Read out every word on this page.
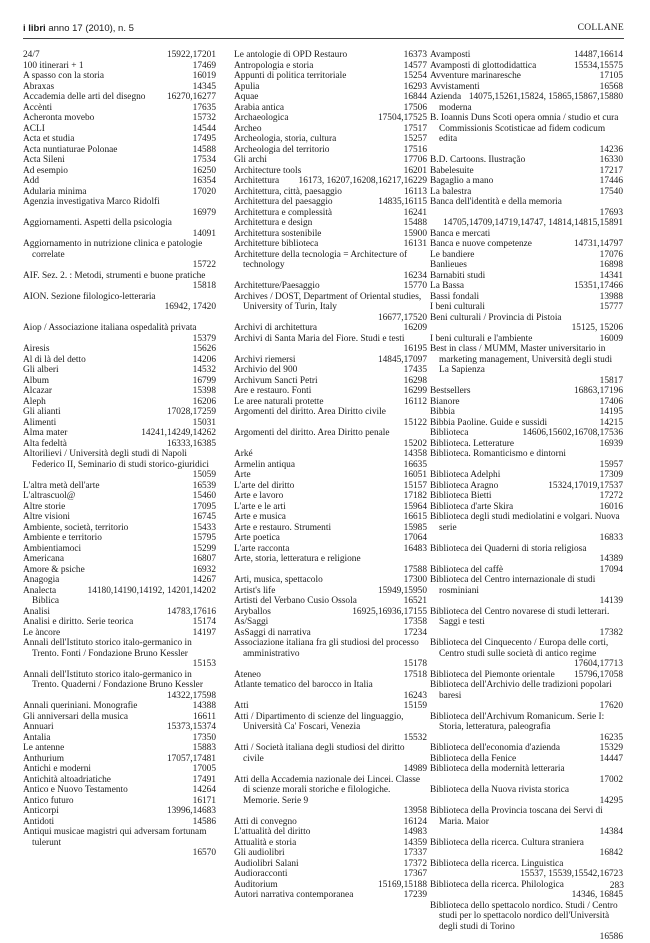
i libri anno 17 (2010), n. 5	COLLANE
15922,17201
24/7
17469
100 itinerari + 1
16019
A spasso con la storia
14345
Abraxas
16270,16277
Accademia delle arti del disegno
17635
Accènti
15732
Acheronta movebo
14544
ACLI
17495
Acta et studia
14588
Acta nuntiaturae Polonae
17534
Acta Sileni
16250
Ad esempio
16354
Add
17020
Adularia minima
Agenzia investigativa Marco Ridolfi
16979
Aggiornamenti. Aspetti della psicologia
14091
Aggiornamento in nutrizione clinica e patologie correlate
15722
AIF. Sez. 2. : Metodi, strumenti e buone pratiche
15818
AION. Sezione filologico-letteraria
16942, 17420
Aiop / Associazione italiana ospedalità privata
15379
15626
Airesis
14206
Al di là del detto
14532
Gli alberi
16799
Album
15398
Alcazar
16206
Aleph
17028,17259
Gli alianti
15031
Alimenti
14241,14249,14262
Alma mater
16333,16385
Alta fedeltà
Altorilievi / Università degli studi di Napoli Federico II, Seminario di studi storico-giuridici
15059
16539
L'altra metà dell'arte
15460
L'altrascuol@
17095
Altre storie
16745
Altre visioni
15433
Ambiente, società, territorio
15795
Ambiente e territorio
15299
Ambientiamoci
16807
Americana
16932
Amore & psiche
14267
Anagogia
14180,14190,14192, 14201,14202
Analecta Biblica
14783,17616
Analisi
15174
Analisi e diritto. Serie teorica
14197
Le àncore
Annali dell'Istituto storico italo-germanico in Trento. Fonti / Fondazione Bruno Kessler
15153
Annali dell'Istituto storico italo-germanico in Trento. Quaderni / Fondazione Bruno Kessler
14322,17598
14388
Annali queriniani. Monografie
16611
Gli anniversari della musica
15373,15374
Annuari
17350
Antalia
15883
Le antenne
17057,17481
Anthurium
17005
Antichi e moderni
17491
Antichità altoadriatiche
14264
Antico e Nuovo Testamento
16171
Antico futuro
13996,14683
Anticorpi
14586
Antidoti
Antiqui musicae magistri qui adversam fortunam tulerunt
16570
16373
Le antologie di OPD Restauro
14577
Antropologia e storia
15254
Appunti di politica territoriale
16293
Apulia
16844
Aquae
17506
Arabia antica
17504,17525
Archaeologica
17517
Archeo
15257
Archeologia, storia, cultura
17516
Archeologia del territorio
17706
Gli archi
16201
Architecture tools
16173, 16207,16208,16217,16229
Architettura
16113
Architettura, città, paesaggio
14835,16115
Architettura del paesaggio
16241
Architettura e complessità
15488
Architettura e design
15900
Architettura sostenibile
16131
Architetture biblioteca
Architetture della tecnologia = Architecture of technology
16234
15770
Architetture/Paesaggio
Archives / DOST, Department of Oriental studies, University of Turin, Italy
16677,17520
16209
Archivi di architettura
Archivi di Santa Maria del Fiore. Studi e testi
16195
14845,17097
Archivi riemersi
17435
Archivio del 900
16298
Archivum Sancti Petri
16299
Are e restauro. Fonti
16112
Le aree naturali protette
Argomenti del diritto. Area Diritto civile
15122
Argomenti del diritto. Area Diritto penale
15202
14358
Arké
16635
Armelin antiqua
16051
Arte
15157
L'arte del diritto
17182
Arte e lavoro
15964
L'arte e le arti
16615
Arte e musica
15985
Arte e restauro. Strumenti
17064
Arte poetica
16483
L'arte racconta
Arte, storia, letteratura e religione
17588
17300
Arti, musica, spettacolo
15949,15950
Artist's life
16521
Artisti del Verbano Cusio Ossola
16925,16936,17155
Aryballos
17358
As/Saggi
17234
AsSaggi di narrativa
Associazione italiana fra gli studiosi del processo amministrativo
15178
17518
Ateneo
Atlante tematico del barocco in Italia
16243
15159
Atti
Atti / Dipartimento di scienze del linguaggio, Università Ca' Foscari, Venezia
15532
Atti / Società italiana degli studiosi del diritto civile
14989
Atti della Accademia nazionale dei Lincei. Classe di scienze morali storiche e filologiche. Memorie. Serie 9
13958
16124
Atti di convegno
14983
L'attualità del diritto
14359
Attualità e storia
17337
Gli audiolibri
17372
Audiolibri Salani
17367
Audioracconti
15169,15188
Auditorium
17239
Autori narrativa contemporanea
14487,16614
Avamposti
15534,15575
Avamposti di glottodidattica
17105
Avventure marinaresche
16568
Avvistamenti
14075,15261,15824, 15865,15867,15880
Azienda moderna
B. Ioannis Duns Scoti opera omnia / studio et cura Commissionis Scotisticae ad fidem codicum edita
14236
16330
B.D. Cartoons. Ilustração
17217
Babelesuite
17446
Bagaglio a mano
17540
La balestra
Banca dell'identità e della memoria
17693
14705,14709,14719,14747, 14814,14815,15891
Banca e mercati
14731,14797
Banca e nuove competenze
17076
Le bandiere
16898
Banlieues
14341
Barnabiti studi
15351,17466
La Bassa
13988
Bassi fondali
15777
I beni culturali
Beni culturali / Provincia di Pistoia
15125, 15206
16009
I beni culturali e l'ambiente
Best in class / MUMM, Master universitario in marketing management, Università degli studi La Sapienza
15817
16863,17196
Bestsellers
17406
Bianore
14195
Bibbia
14215
Bibbia Paoline. Guide e sussidi
14606,15602,16708,17536
Biblioteca
16939
Biblioteca. Letterature
Biblioteca. Romanticismo e dintorni
15957
17309
Biblioteca Adelphi
15324,17019,17537
Biblioteca Aragno
17272
Biblioteca Bietti
16016
Biblioteca d'arte Skira
Biblioteca degli studi mediolatini e volgari. Nuova serie
16833
Biblioteca dei Quaderni di storia religiosa
14389
17094
Biblioteca del caffè
Biblioteca del Centro internazionale di studi rosminiani
14139
Biblioteca del Centro novarese di studi letterari. Saggi e testi
17382
Biblioteca del Cinquecento / Europa delle corti, Centro studi sulle società di antico regime
17604,17713
15796,17058
Biblioteca del Piemonte orientale
Biblioteca dell'Archivio delle tradizioni popolari baresi
17620
Biblioteca dell'Archivum Romanicum. Serie I: Storia, letteratura, paleografia
16235
15329
Biblioteca dell'economia d'azienda
14447
Biblioteca della Fenice
Biblioteca della modernità letteraria
17002
Biblioteca della Nuova rivista storica
14295
Biblioteca della Provincia toscana dei Servi di Maria. Maior
14384
Biblioteca della ricerca. Cultura straniera
16842
Biblioteca della ricerca. Linguistica
15537, 15539,15542,16723
Biblioteca della ricerca. Philologica
14346, 16845
Biblioteca dello spettacolo nordico. Studi / Centro studi per lo spettacolo nordico dell'Università degli studi di Torino
16586
283
